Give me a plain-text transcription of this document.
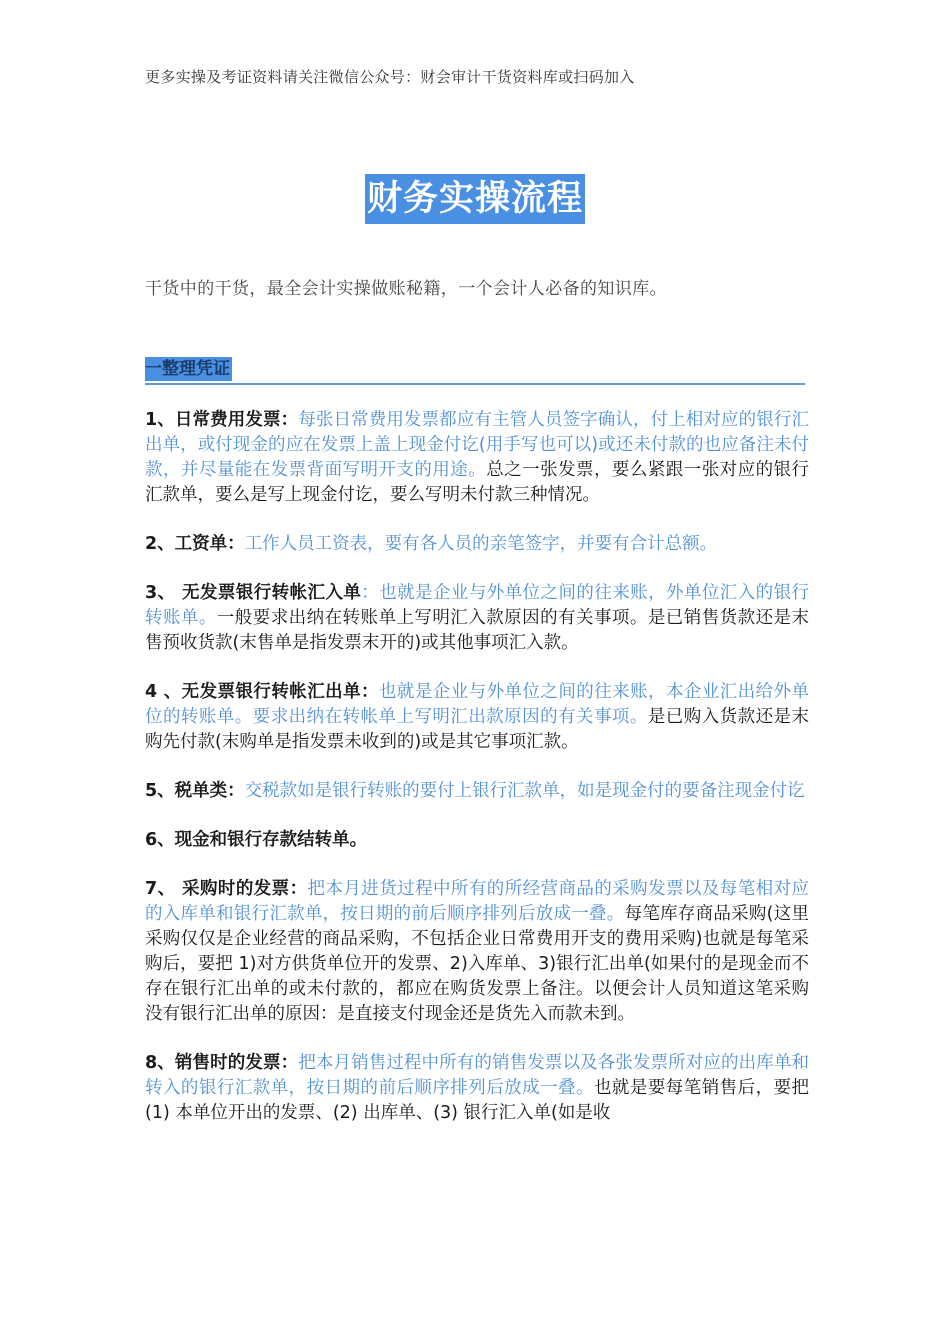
更多实操及考证资料请关注微信公众号：财会审计干货资料库或扫码加入
财务实操流程
干货中的干货，最全会计实操做账秘籍，一个会计人必备的知识库。
一整理凭证

1、日常费用发票：每张日常费用发票都应有主管人员签字确认，付上相对应的银行汇出单，或付现金的应在发票上盖上现金付讫(用手写也可以)或还未付款的也应备注未付款，并尽量能在发票背面写明开支的用途。总之一张发票，要么紧跟一张对应的银行汇款单，要么是写上现金付讫，要么写明未付款三种情况。

2、工资单：工作人员工资表，要有各人员的亲笔签字，并要有合计总额。

3、 无发票银行转帐汇入单：也就是企业与外单位之间的往来账，外单位汇入的银行转账单。一般要求出纳在转账单上写明汇入款原因的有关事项。是已销售货款还是末售预收货款(末售单是指发票末开的)或其他事项汇入款。

4 、无发票银行转帐汇出单：也就是企业与外单位之间的往来账，本企业汇出给外单位的转账单。要求出纳在转帐单上写明汇出款原因的有关事项。是已购入货款还是末购先付款(末购单是指发票未收到的)或是其它事项汇款。

5、税单类：交税款如是银行转账的要付上银行汇款单，如是现金付的要备注现金付讫

6、现金和银行存款结转单。

7、 采购时的发票：把本月进货过程中所有的所经营商品的采购发票以及每笔相对应的入库单和银行汇款单，按日期的前后顺序排列后放成一叠。每笔库存商品采购(这里采购仅仅是企业经营的商品采购，不包括企业日常费用开支的费用采购)也就是每笔采购后，要把 1)对方供货单位开的发票、2)入库单、3)银行汇出单(如果付的是现金而不存在银行汇出单的或未付款的，都应在购货发票上备注。以便会计人员知道这笔采购没有银行汇出单的原因：是直接支付现金还是货先入而款未到。

8、销售时的发票：把本月销售过程中所有的销售发票以及各张发票所对应的出库单和转入的银行汇款单，按日期的前后顺序排列后放成一叠。也就是要每笔销售后，要把 (1) 本单位开出的发票、(2) 出库单、(3) 银行汇入单(如是收
